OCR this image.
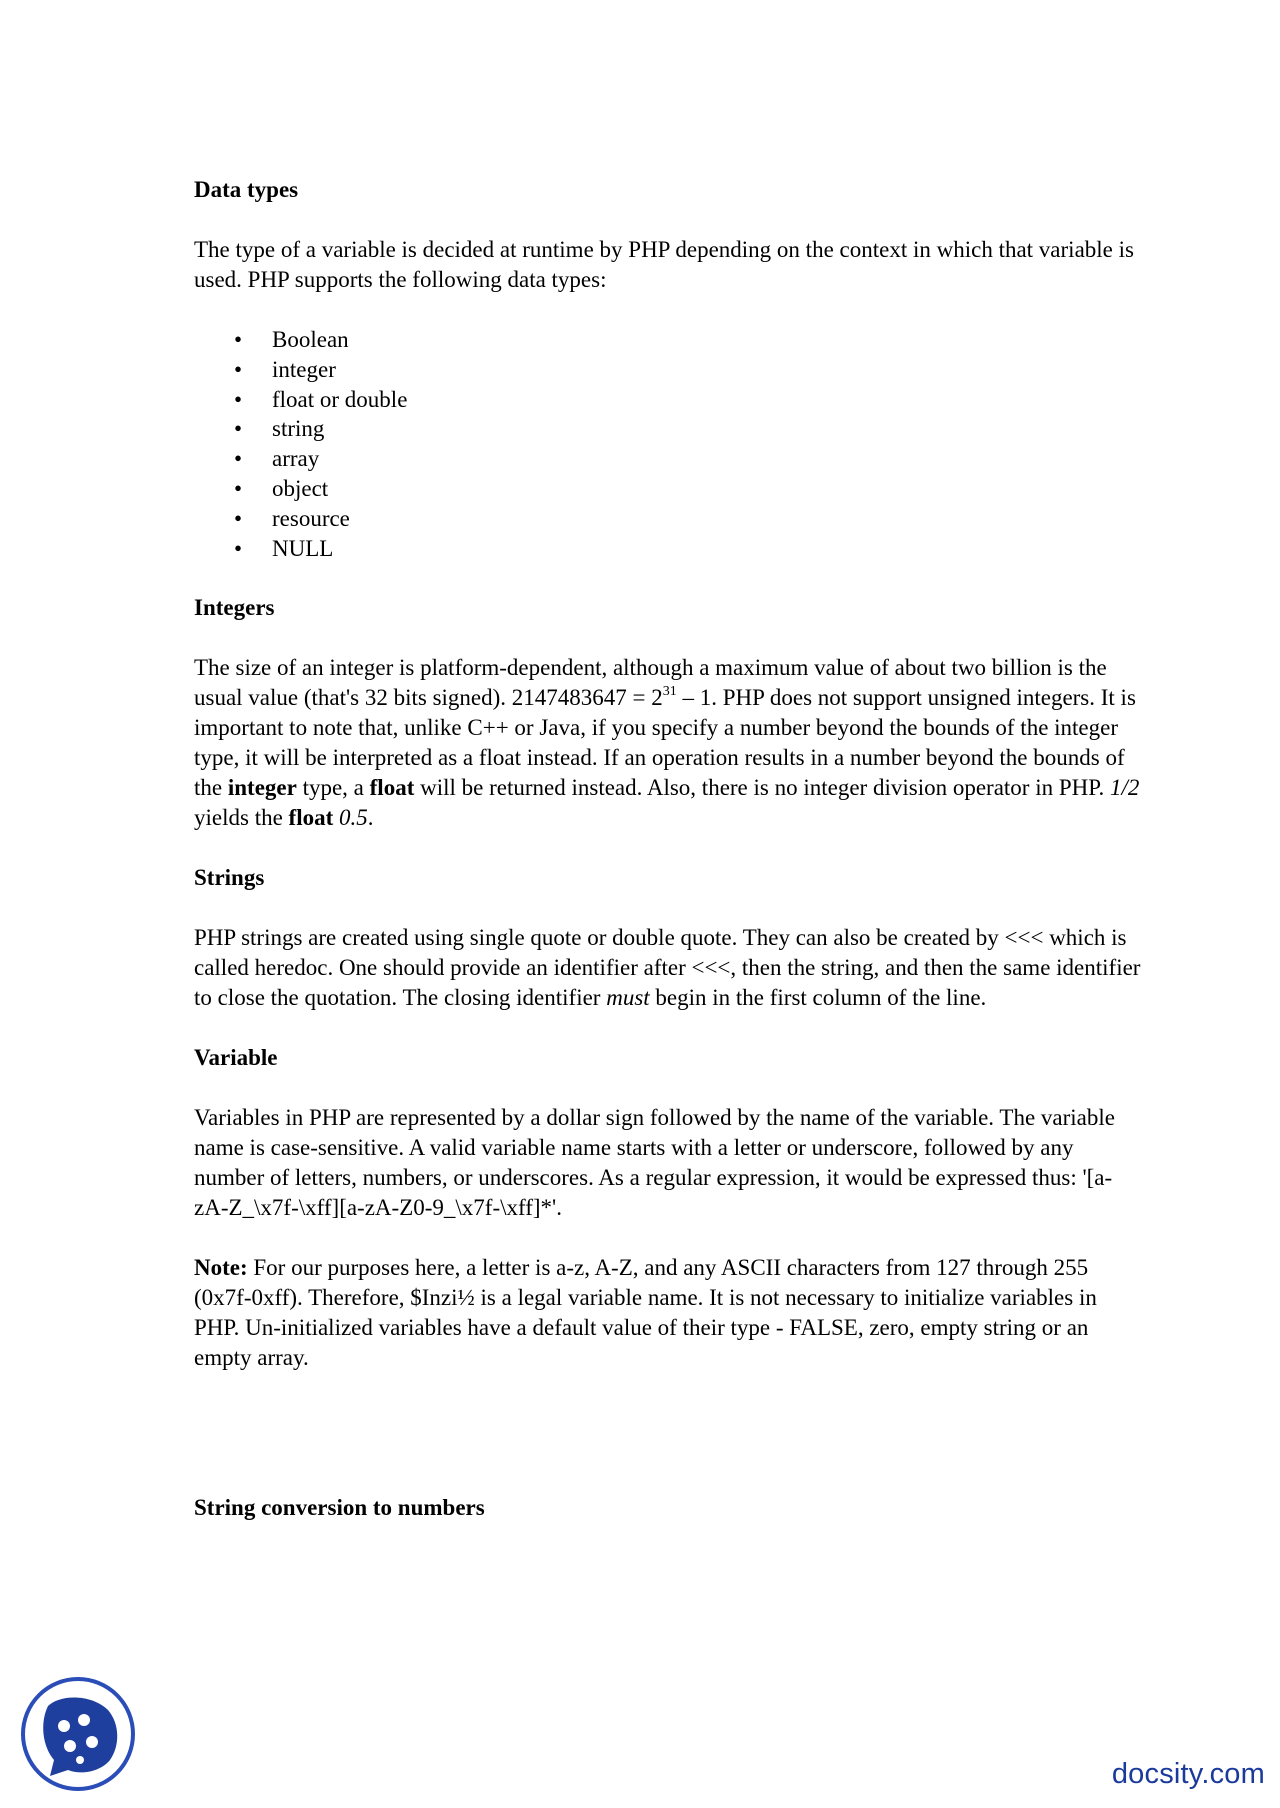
Data types

The type of a variable is decided at runtime by PHP depending on the context in which that variable is used. PHP supports the following data types:

• Boolean
• integer
• float or double
• string
• array
• object
• resource
• NULL
Integers

The size of an integer is platform-dependent, although a maximum value of about two billion is the usual value (that's 32 bits signed). $2147483647 = 2^{31} - 1$. PHP does not support unsigned integers. It is important to note that, unlike C++ or Java, if you specify a number beyond the bounds of the integer type, it will be interpreted as a float instead. If an operation results in a number beyond the bounds of the integer type, a float will be returned instead. Also, there is no integer division operator in PHP. 1/2 yields the float 0.5.

Strings

PHP strings are created using single quote or double quote. They can also be created by <<< which is called heredoc. One should provide an identifier after <<<, then the string, and then the same identifier to close the quotation. The closing identifier must begin in the first column of the line.

Variable

Variables in PHP are represented by a dollar sign followed by the name of the variable. The variable name is case-sensitive. A valid variable name starts with a letter or underscore, followed by any number of letters, numbers, or underscores. As a regular expression, it would be expressed thus: '[a-zA-Z_\x7f-\xff][a-zA-Z0-9_\x7f-\xff]*'.

Note: For our purposes here, a letter is a-z, A-Z, and any ASCII characters from 127 through 255 (0x7f-0xff). Therefore, $Inzi½ is a legal variable name. It is not necessary to initialize variables in PHP. Un-initialized variables have a default value of their type - FALSE, zero, empty string or an empty array.

String conversion to numbers
docsity.com
